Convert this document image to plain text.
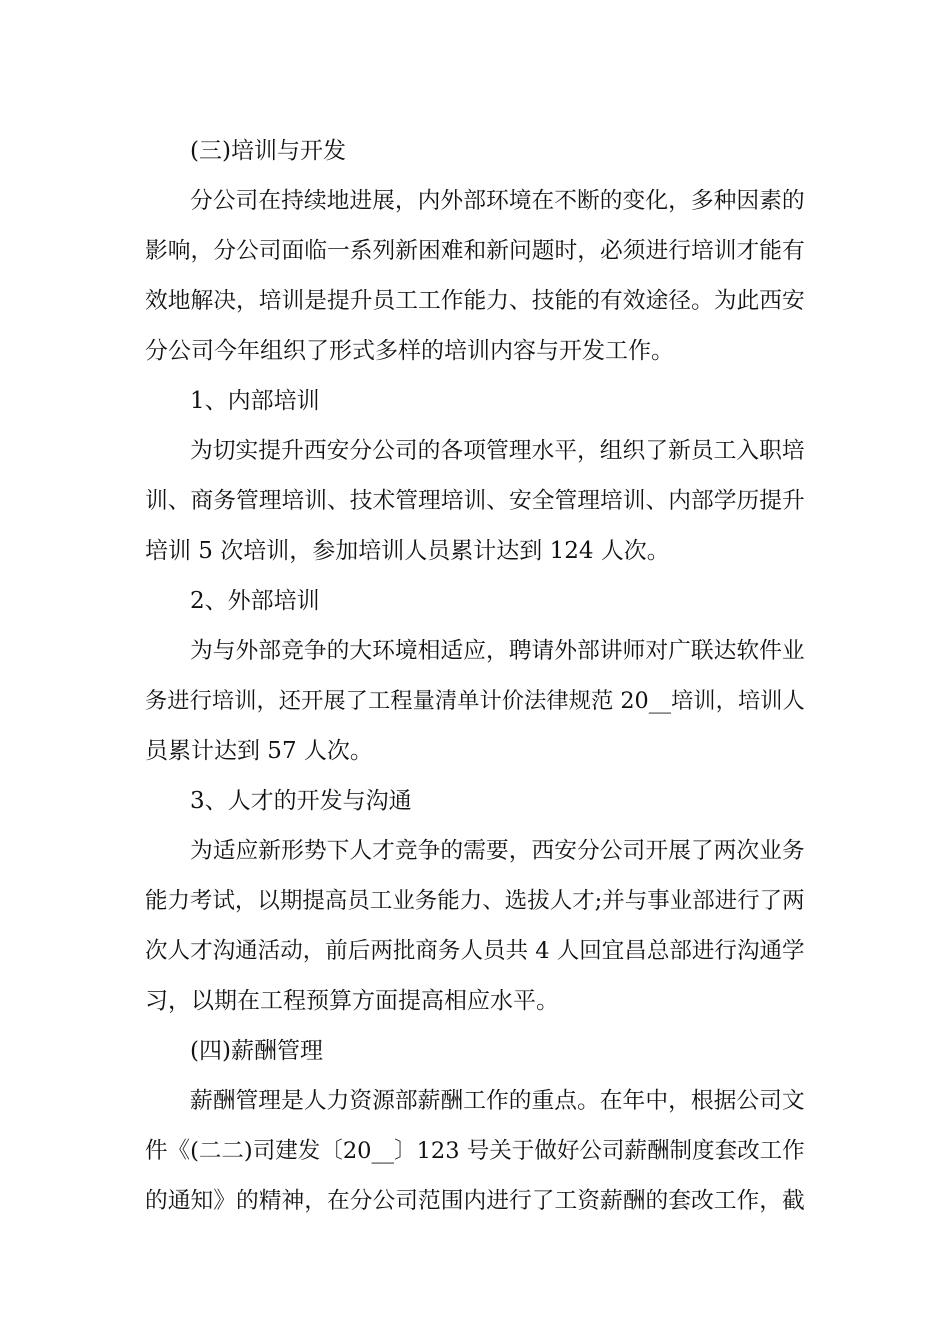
(三)培训与开发
分公司在持续地进展，内外部环境在不断的变化，多种因素的
影响，分公司面临一系列新困难和新问题时，必须进行培训才能有
效地解决，培训是提升员工工作能力、技能的有效途径。为此西安
分公司今年组织了形式多样的培训内容与开发工作。
1、内部培训
为切实提升西安分公司的各项管理水平，组织了新员工入职培
训、商务管理培训、技术管理培训、安全管理培训、内部学历提升
培训 5 次培训，参加培训人员累计达到 124 人次。
2、外部培训
为与外部竞争的大环境相适应，聘请外部讲师对广联达软件业
务进行培训，还开展了工程量清单计价法律规范 20__培训，培训人
员累计达到 57 人次。
3、人才的开发与沟通
为适应新形势下人才竞争的需要，西安分公司开展了两次业务
能力考试，以期提高员工业务能力、选拔人才;并与事业部进行了两
次人才沟通活动，前后两批商务人员共 4 人回宜昌总部进行沟通学
习，以期在工程预算方面提高相应水平。
(四)薪酬管理
薪酬管理是人力资源部薪酬工作的重点。在年中，根据公司文
件《(二二)司建发〔20__〕123 号关于做好公司薪酬制度套改工作
的通知》的精神，在分公司范围内进行了工资薪酬的套改工作，截
